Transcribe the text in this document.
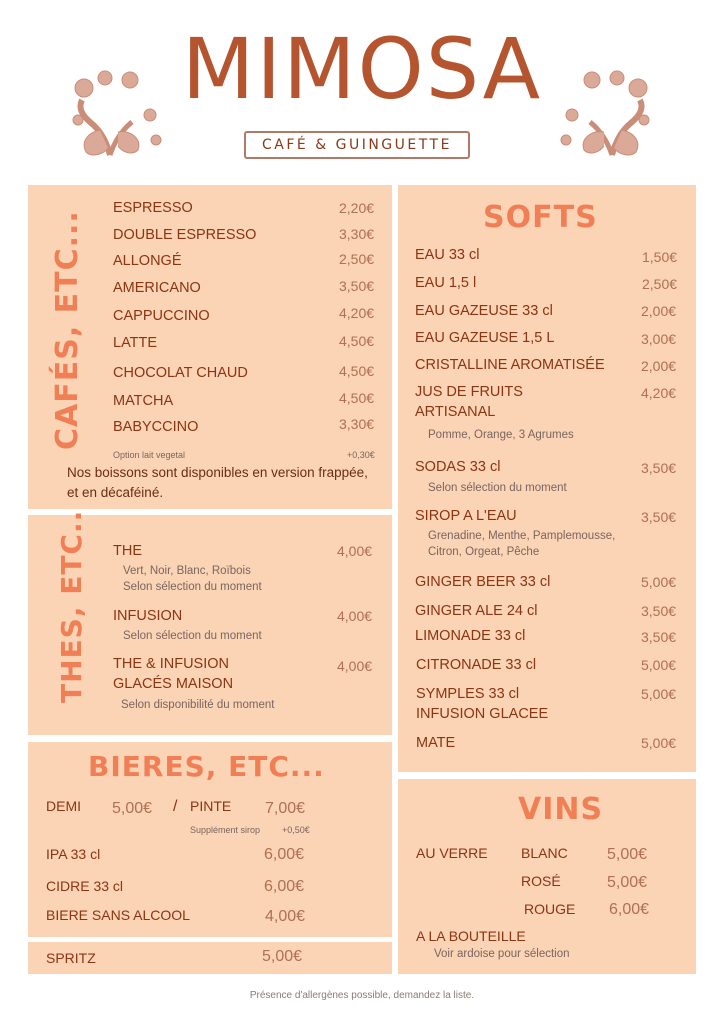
MIMOSA
CAFÉ & GUINGUETTE
CAFÉS, ETC...
ESPRESSO	2,20€
DOUBLE ESPRESSO	3,30€
ALLONGÉ	2,50€
AMERICANO	3,50€
CAPPUCCINO	4,20€
LATTE	4,50€
CHOCOLAT CHAUD	4,50€
MATCHA	4,50€
BABYCCINO	3,30€
Option lait vegetal	+0,30€
Nos boissons sont disponibles en version frappée,
et en décaféiné.
THES, ETC.. THE	4,00€
Vert, Noir, Blanc, Roïbois
Selon sélection du moment
INFUSION	4,00€
Selon sélection du moment
THE & INFUSION
GLACÉS MAISON
4,00€
Selon disponibilité du moment
BIERES, ETC...
DEMI 5,00€ / PINTE 7,00€
Supplément sirop +0,50€
IPA 33 cl	6,00€
CIDRE 33 cl	6,00€
BIERE SANS ALCOOL	4,00€
SPRITZ	5,00€
SOFTS
EAU 33 cl	1,50€
EAU 1,5 l	2,50€
EAU GAZEUSE 33 cl	2,00€
EAU GAZEUSE 1,5 L	3,00€
CRISTALLINE AROMATISÉE	2,00€
JUS DE FRUITS
ARTISANAL
4,20€
Pomme, Orange, 3 Agrumes
SODAS 33 cl	3,50€
Selon sélection du moment
SIROP A L'EAU	3,50€
Grenadine, Menthe, Pamplemousse,
Citron, Orgeat, Pêche
GINGER BEER 33 cl	5,00€
GINGER ALE 24 cl	3,50€
LIMONADE 33 cl	3,50€
CITRONADE 33 cl	5,00€
SYMPLES 33 cl
INFUSION GLACEE
5,00€
MATE	5,00€
VINS
AU VERRE BLANC 5,00€
ROSÉ	5,00€
ROUGE 6,00€
A LA BOUTEILLE
Voir ardoise pour sélection
Présence d'allergènes possible, demandez la liste.
